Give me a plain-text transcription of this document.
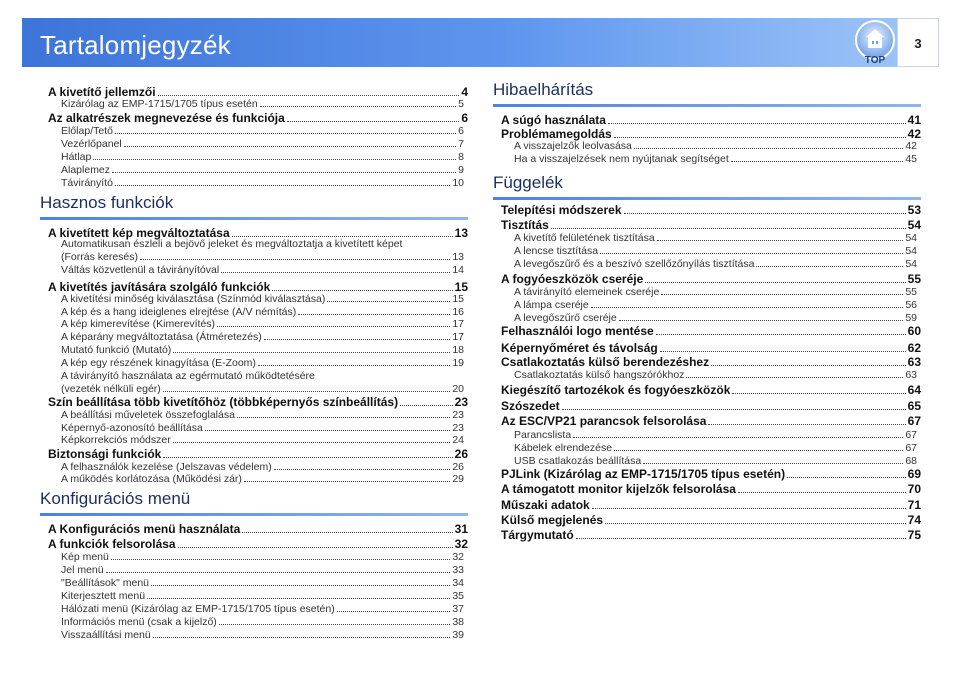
Tartalomjegyzék	3
TOP
A kivetítő jellemzői	4
Kizárólag az EMP-1715/1705 típus esetén	5
Az alkatrészek megnevezése és funkciója	6
Előlap/Tető	6
Vezérlőpanel	7
Hátlap	8
Alaplemez	9
Távirányító	10
Hasznos funkciók
A kivetített kép megváltoztatása	13
Automatikusan észleli a bejövő jeleket és megváltoztatja a kivetített képet
(Forrás keresés)	13
Váltás közvetlenül a távirányítóval	14
A kivetítés javítására szolgáló funkciók	15
A kivetítési minőség kiválasztása (Színmód kiválasztása)	15
A kép és a hang ideiglenes elrejtése (A/V némítás)	16
A kép kimerevítése (Kimerevítés)	17
A képarány megváltoztatása (Átméretezés)	17
Mutató funkció (Mutató)	18
A kép egy részének kinagyítása (E-Zoom)	19
A távirányító használata az egérmutató működtetésére
(vezeték nélküli egér)	20
Szín beállítása több kivetítőhöz (többképernyős színbeállítás)	23
A beállítási műveletek összefoglalása	23
Képernyő-azonosító beállítása	23
Képkorrekciós módszer	24
Biztonsági funkciók	26
A felhasználók kezelése (Jelszavas védelem)	26
A működés korlátozása (Működési zár)	29
Konfigurációs menü
A Konfigurációs menü használata	31
A funkciók felsorolása	32
Kép menü	32
Jel menü	33
"Beállítások" menü	34
Kiterjesztett menü	35
Hálózati menü (Kizárólag az EMP-1715/1705 típus esetén)	37
Információs menü (csak a kijelző)	38
Visszaállítási menü	39
Hibaelhárítás
A súgó használata	41
Problémamegoldás	42
A visszajelzők leolvasása	42
Ha a visszajelzések nem nyújtanak segítséget	45
Függelék
Telepítési módszerek	53
Tisztítás	54
A kivetítő felületének tisztítása	54
A lencse tisztítása	54
A levegőszűrő és a beszívó szellőzőnyílás tisztítása	54
A fogyóeszközök cseréje	55
A távirányító elemeinek cseréje	55
A lámpa cseréje	56
A levegőszűrő cseréje	59
Felhasználói logo mentése	60
Képernyőméret és távolság	62
Csatlakoztatás külső berendezéshez	63
Csatlakoztatás külső hangszórókhoz	63
Kiegészítő tartozékok és fogyóeszközök	64
Szószedet	65
Az ESC/VP21 parancsok felsorolása	67
Parancslista	67
Kábelek elrendezése	67
USB csatlakozás beállítása	68
PJLink (Kizárólag az EMP-1715/1705 típus esetén)	69
A támogatott monitor kijelzők felsorolása	70
Műszaki adatok	71
Külső megjelenés	74
Tárgymutató	75
